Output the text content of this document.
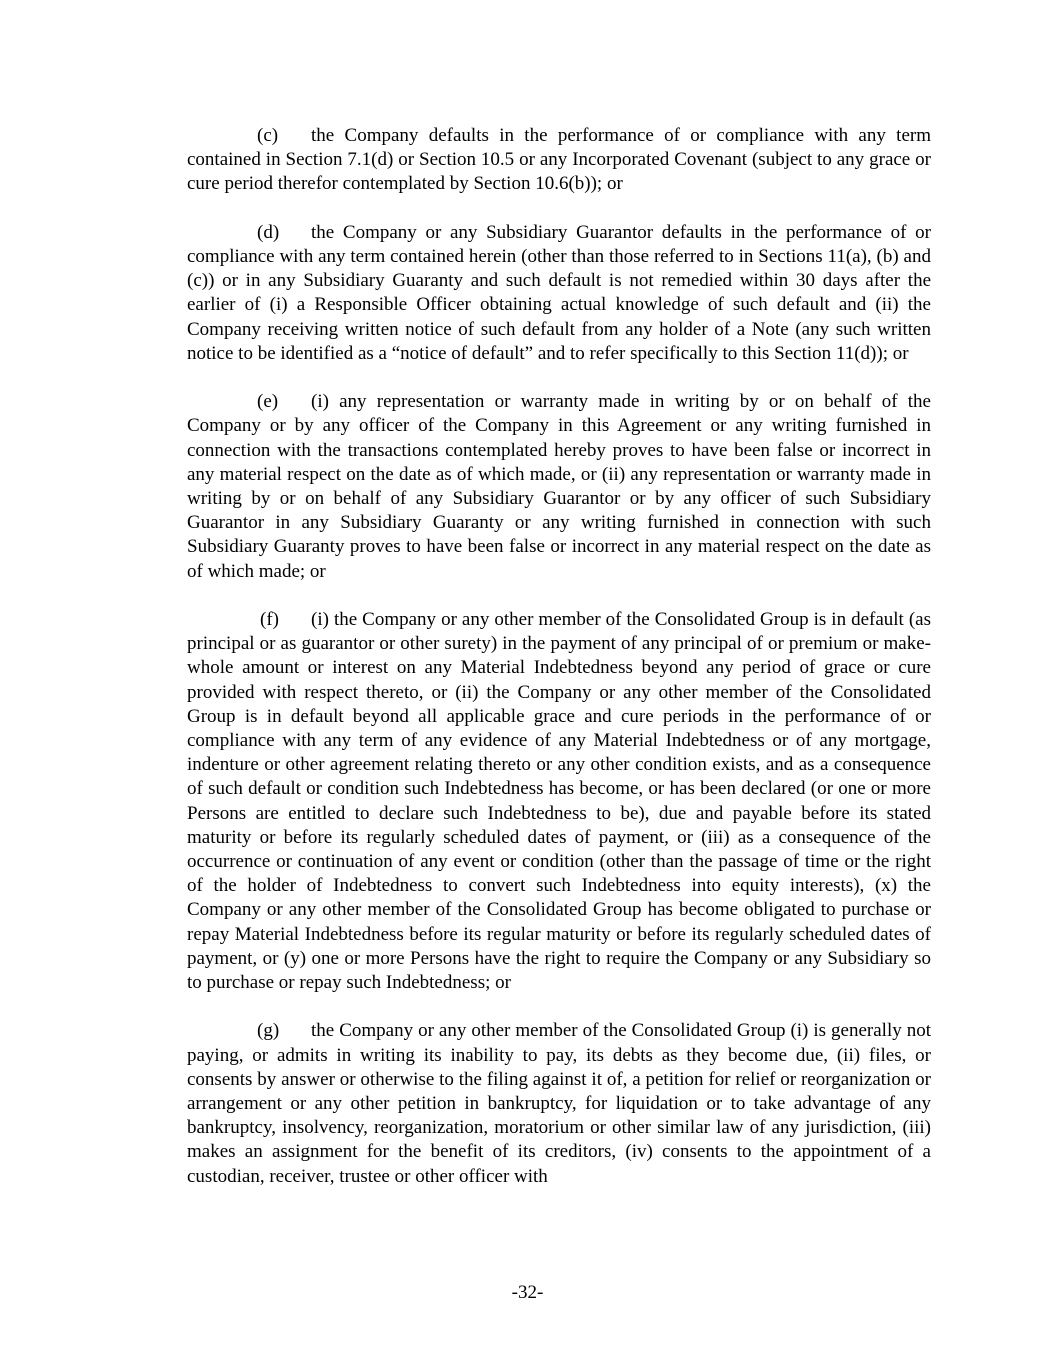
(c) the Company defaults in the performance of or compliance with any term contained in Section 7.1(d) or Section 10.5 or any Incorporated Covenant (subject to any grace or cure period therefor contemplated by Section 10.6(b)); or

(d) the Company or any Subsidiary Guarantor defaults in the performance of or compliance with any term contained herein (other than those referred to in Sections 11(a), (b) and (c)) or in any Subsidiary Guaranty and such default is not remedied within 30 days after the earlier of (i) a Responsible Officer obtaining actual knowledge of such default and (ii) the Company receiving written notice of such default from any holder of a Note (any such written notice to be identified as a “notice of default” and to refer specifically to this Section 11(d)); or

(e) (i) any representation or warranty made in writing by or on behalf of the Company or by any officer of the Company in this Agreement or any writing furnished in connection with the transactions contemplated hereby proves to have been false or incorrect in any material respect on the date as of which made, or (ii) any representation or warranty made in writing by or on behalf of any Subsidiary Guarantor or by any officer of such Subsidiary Guarantor in any Subsidiary Guaranty or any writing furnished in connection with such Subsidiary Guaranty proves to have been false or incorrect in any material respect on the date as of which made; or

(f) (i) the Company or any other member of the Consolidated Group is in default (as principal or as guarantor or other surety) in the payment of any principal of or premium or make-whole amount or interest on any Material Indebtedness beyond any period of grace or cure provided with respect thereto, or (ii) the Company or any other member of the Consolidated Group is in default beyond all applicable grace and cure periods in the performance of or compliance with any term of any evidence of any Material Indebtedness or of any mortgage, indenture or other agreement relating thereto or any other condition exists, and as a consequence of such default or condition such Indebtedness has become, or has been declared (or one or more Persons are entitled to declare such Indebtedness to be), due and payable before its stated maturity or before its regularly scheduled dates of payment, or (iii) as a consequence of the occurrence or continuation of any event or condition (other than the passage of time or the right of the holder of Indebtedness to convert such Indebtedness into equity interests), (x) the Company or any other member of the Consolidated Group has become obligated to purchase or repay Material Indebtedness before its regular maturity or before its regularly scheduled dates of payment, or (y) one or more Persons have the right to require the Company or any Subsidiary so to purchase or repay such Indebtedness; or

(g) the Company or any other member of the Consolidated Group (i) is generally not paying, or admits in writing its inability to pay, its debts as they become due, (ii) files, or consents by answer or otherwise to the filing against it of, a petition for relief or reorganization or arrangement or any other petition in bankruptcy, for liquidation or to take advantage of any bankruptcy, insolvency, reorganization, moratorium or other similar law of any jurisdiction, (iii) makes an assignment for the benefit of its creditors, (iv) consents to the appointment of a custodian, receiver, trustee or other officer with

-32-
